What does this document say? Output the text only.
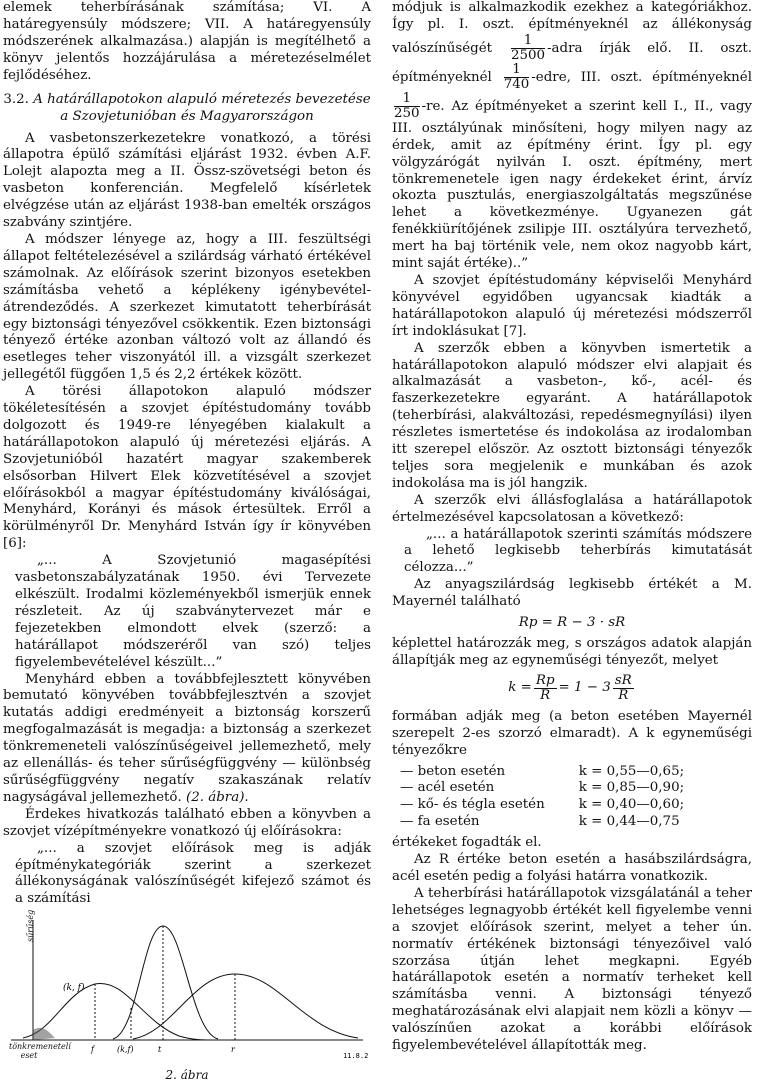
elemek teherbírásának számítása; VI. A határegyensúly módszere; VII. A határegyensúly módszerének alkalmazása.) alapján is megítélhető a könyv jelentős hozzájárulása a méretezéselmélet fejlődéséhez.

3.2. A határállapotokon alapuló méretezés bevezetése a Szovjetunióban és Magyarországon

A vasbetonszerkezetekre vonatkozó, a törési állapotra épülő számítási eljárást 1932. évben A.F. Lolejt alapozta meg a II. Össz-szövetségi beton és vasbeton konferencián. Megfelelő kísérletek elvégzése után az eljárást 1938-ban emelték országos szabvány szintjére.

A módszer lényege az, hogy a III. feszültségi állapot feltételezésével a szilárdság várható értékével számolnak. Az előírások szerint bizonyos esetekben számításba vehető a képlékeny igénybevétel-átrendeződés. A szerkezet kimutatott teherbírását egy biztonsági tényezővel csökkentik. Ezen biztonsági tényező értéke azonban változó volt az állandó és esetleges teher viszonyától ill. a vizsgált szerkezet jellegétől függően 1,5 és 2,2 értékek között.

A törési állapotokon alapuló módszer tökéletesítésén a szovjet építéstudomány tovább dolgozott és 1949-re lényegében kialakult a határállapotokon alapuló új méretezési eljárás. A Szovjetunióból hazatért magyar szakemberek elsősorban Hilvert Elek közvetítésével a szovjet előírásokból a magyar építéstudomány kiválóságai, Menyhárd, Korányi és mások értesültek. Erről a körülményről Dr. Menyhárd István így ír könyvében [6]:

„... A Szovjetunió magasépítési vasbetonszabályzatának 1950. évi Tervezete elkészült. Irodalmi közleményekből ismerjük ennek részleteit. Az új szabványtervezet már e fejezetekben elmondott elvek (szerző: a határállapot módszeréről van szó) teljes figyelembevételével készült...”

Menyhárd ebben a továbbfejlesztett könyvében bemutató könyvében továbbfejlesztvén a szovjet kutatás addigi eredményeit a biztonság korszerű megfogalmazását is megadja: a biztonság a szerkezet tönkremeneteli valószínűségeivel jellemezhető, mely az ellenállás- és teher sűrűségfüggvény — különbség sűrűségfüggvény negatív szakaszának relatív nagyságával jellemezhető. (2. ábra).

Érdekes hivatkozás található ebben a könyvben a szovjet vízépítményekre vonatkozó új előírásokra:

„... a szovjet előírások meg is adják építménykategóriák szerint a szerkezet állékonyságának valószínűségét kifejező számot és a számítási

(k, f)
(k,f)	t	r
f
11.8.2
tönkremenetelí eset
sűrűség
2. ábra

módjuk is alkalmazkodik ezekhez a kategóriákhoz. Így pl. I. oszt. építményeknél az állékonyság valószínűségét $\frac{1}{2500}$ -adra írják elő. II. oszt. építményeknél $\frac{1}{740}$ -edre, III. oszt. építményeknél
$\frac{1}{250} -re$. Az építményeket a szerint kell I., II., vagy III. osztályúnak minősíteni, hogy milyen nagy az érdek, amit az építmény érint. Így pl. egy völgyzárógát nyilván I. oszt. építmény, mert tönkremenetele igen nagy érdekeket érint, árvíz okozta pusztulás, energiaszolgáltatás megszűnése lehet a következménye. Ugyanezen gát fenékkiürítőjének zsilipje III. osztályúra tervezhető, mert ha baj történik vele, nem okoz nagyobb kárt, mint saját értéke)..”

A szovjet építéstudomány képviselői Menyhárd könyvével egyidőben ugyancsak kiadták a határállapotokon alapuló új méretezési módszerről írt indoklásukat [7].

A szerzők ebben a könyvben ismertetik a határállapotokon alapuló módszer elvi alapjait és alkalmazását a vasbeton-, kő-, acél- és faszerkezetekre egyaránt. A határállapotok (teherbírási, alakváltozási, repedésmegnyílási) ilyen részletes ismertetése és indokolása az irodalomban itt szerepel először. Az osztott biztonsági tényezők teljes sora megjelenik e munkában és azok indokolása ma is jól hangzik.

A szerzők elvi állásfoglalása a határállapotok értelmezésével kapcsolatosan a következő:

„... a határállapotok szerinti számítás módszere a lehető legkisebb teherbírás kimutatását célozza...”

Az anyagszilárdság legkisebb értékét a M. Mayernél található

Rp = R − 3 · sR

képlettel határozzák meg, s országos adatok alapján állapítják meg az egyneműségi tényezőt, melyet

$k = \frac{Rp}{R} = 1 - 3 \frac{sR}{R}$

formában adják meg (a beton esetében Mayernél szerepelt 2-es szorzó elmaradt). A k egyneműségi tényezőkre

— beton esetén	k = 0,55—0,65;
— acél esetén	k = 0,85—0,90;
— kő- és tégla esetén	k = 0,40—0,60;
— fa esetén	k = 0,44—0,75

értékeket fogadták el.

Az R értéke beton esetén a hasábszilárdságra, acél esetén pedig a folyási határra vonatkozik.

A teherbírási határállapotok vizsgálatánál a teher lehetséges legnagyobb értékét kell figyelembe venni a szovjet előírások szerint, melyet a teher ún. normatív értékének biztonsági tényezőivel való szorzása útján lehet megkapni. Egyéb határállapotok esetén a normatív terheket kell számításba venni. A biztonsági tényező meghatározásának elvi alapjait nem közli a könyv — valószínűen azokat a korábbi előírások figyelembevételével állapították meg.
